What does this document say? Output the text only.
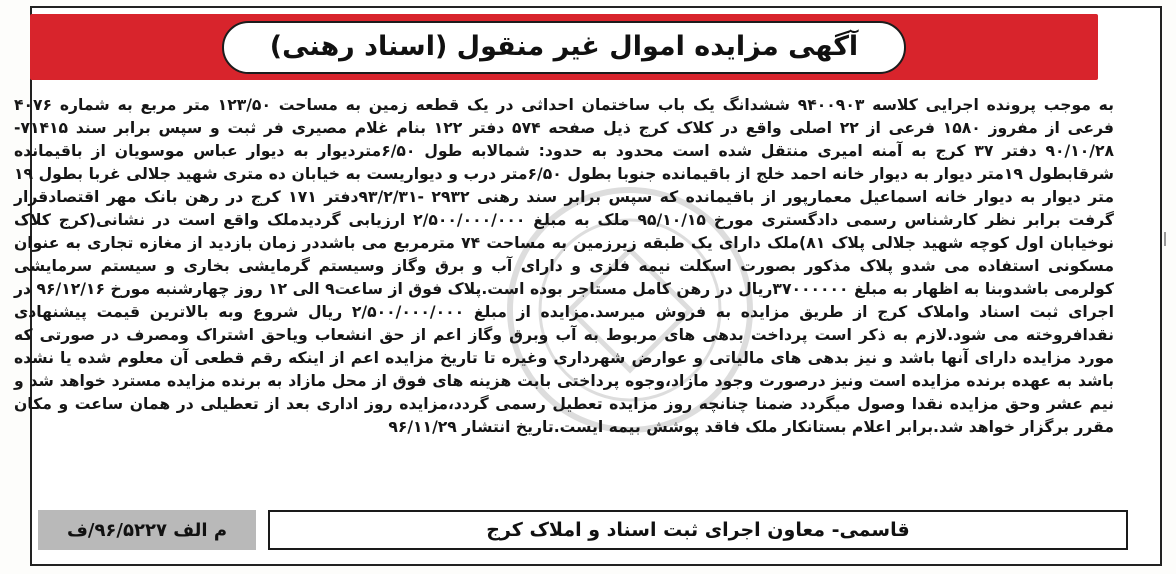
آگهی مزایده اموال غیر منقول (اسناد رهنی)

به موجب پرونده اجرایی کلاسه ۹۴۰۰۹۰۳ ششدانگ یک باب ساختمان احداثی در یک قطعه زمین به مساحت ۱۲۳/۵۰ متر مربع به شماره ۴۰۷۶ فرعی از مفروز ۱۵۸۰ فرعی از ۲۲ اصلی واقع در کلاک کرج ذیل صفحه ۵۷۴ دفتر ۱۲۲ بنام غلام مصیری فر ثبت و سپس برابر سند ۷۱۴۱۵- ۹۰/۱۰/۲۸ دفتر ۳۷ کرج به آمنه امیری منتقل شده است محدود به حدود: شمالابه طول ۶/۵۰متردیوار به دیوار عباس موسویان از باقیمانده شرقابطول ۱۹متر دیوار به دیوار خانه احمد خلج از باقیمانده جنوبا بطول ۶/۵۰متر درب و دیواریست به خیابان ده متری شهید جلالی غربا بطول ۱۹ متر دیوار به دیوار خانه اسماعیل معمارپور از باقیمانده که سپس برابر سند رهنی ۲۹۳۲ -۹۳/۲/۳۱دفتر ۱۷۱ کرج در رهن بانک مهر اقتصادقرار گرفت برابر نظر کارشناس رسمی دادگستری مورخ ۹۵/۱۰/۱۵ ملک به مبلغ ۲/۵۰۰/۰۰۰/۰۰۰ ارزیابی گردیدملک واقع است در نشانی(کرج کلاک نوخیابان اول کوچه شهید جلالی پلاک ۸۱)ملک دارای یک طبقه زیرزمین به مساحت ۷۴ مترمربع می باشددر زمان بازدید از مغازه تجاری به عنوان مسکونی استفاده می شدو پلاک مذکور بصورت اسکلت نیمه فلزی و دارای آب و برق وگاز وسیستم گرمایشی بخاری و سیستم سرمایشی کولرمی باشدوبنا به اظهار به مبلغ ۳۷۰۰۰۰۰۰ریال در رهن کامل مستاجر بوده است.پلاک فوق از ساعت۹ الی ۱۲ روز چهارشنبه مورخ ۹۶/۱۲/۱۶ در اجرای ثبت اسناد واملاک کرج از طریق مزایده به فروش میرسد.مزایده از مبلغ ۲/۵۰۰/۰۰۰/۰۰۰ ریال شروع وبه بالاترین قیمت پیشنهادی نقدافروخته می شود.لازم به ذکر است پرداخت بدهی های مربوط به آب وبرق وگاز اعم از حق انشعاب ویاحق اشتراک ومصرف در صورتی که مورد مزایده دارای آنها باشد و نیز بدهی های مالیاتی و عوارض شهرداری وغیره تا تاریخ مزایده اعم از اینکه رقم قطعی آن معلوم شده یا نشده باشد به عهده برنده مزایده است ونیز درصورت وجود مازاد،وجوه پرداختی بابت هزینه های فوق از محل مازاد به برنده مزایده مسترد خواهد شد و نیم عشر وحق مزایده نقدا وصول میگردد ضمنا چنانچه روز مزایده تعطیل رسمی گردد،مزایده روز اداری بعد از تعطیلی در همان ساعت و مکان مقرر برگزار خواهد شد.برابر اعلام بستانکار ملک فاقد پوشش بیمه ایست.تاریخ انتشار ۹۶/۱۱/۲۹

م الف ۹۶/۵۲۲۷/ف	قاسمی- معاون اجرای ثبت اسناد و املاک کرج
